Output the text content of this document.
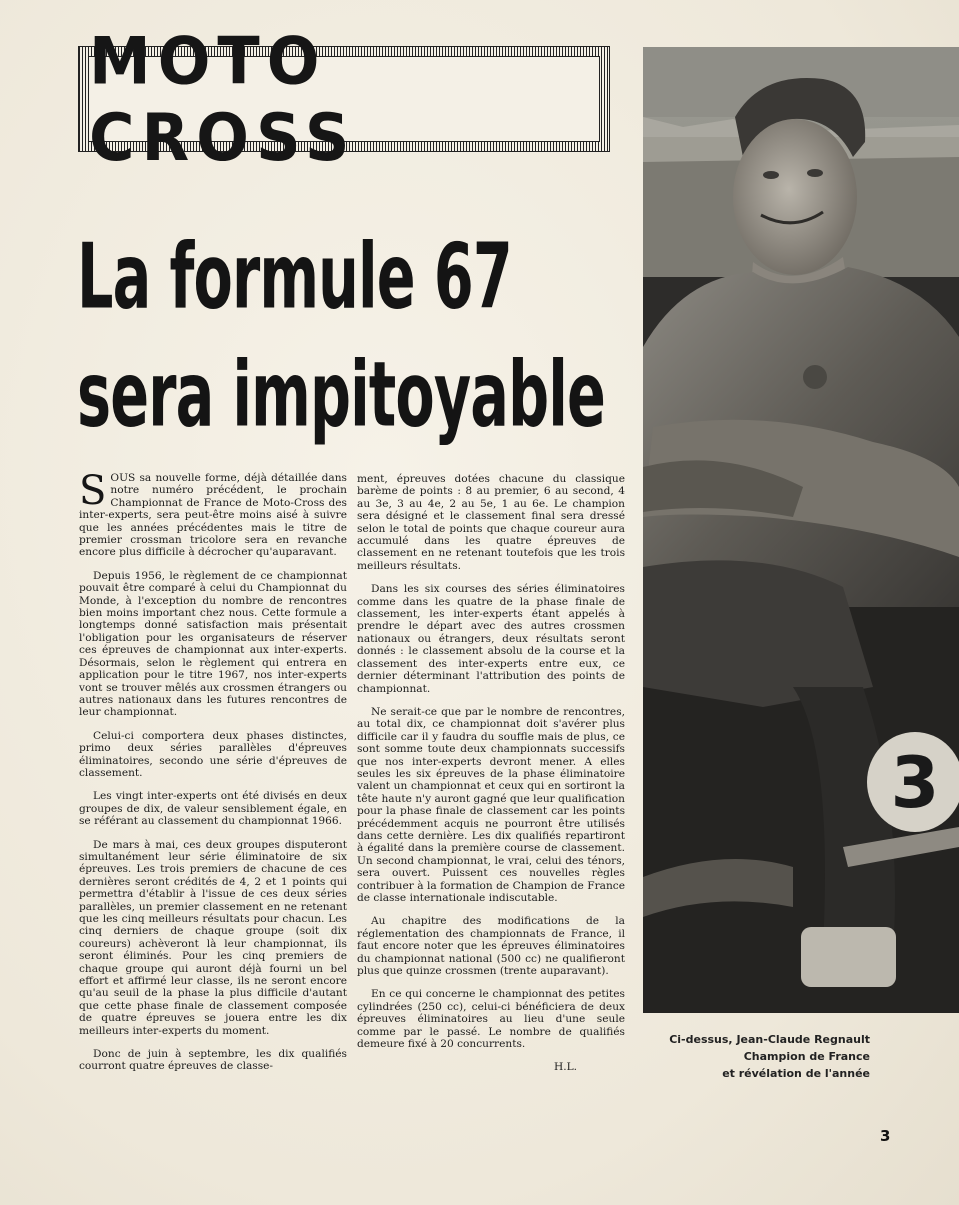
MOTO CROSS
La formule 67
sera impitoyable

SOUS sa nouvelle forme, déjà détaillée dans notre numéro précédent, le prochain Championnat de France de Moto-Cross des inter-experts, sera peut-être moins aisé à suivre que les années précédentes mais le titre de premier crossman tricolore sera en revanche encore plus difficile à décrocher qu'auparavant.

Depuis 1956, le règlement de ce championnat pouvait être comparé à celui du Championnat du Monde, à l'exception du nombre de rencontres bien moins important chez nous. Cette formule a longtemps donné satisfaction mais présentait l'obligation pour les organisateurs de réserver ces épreuves de championnat aux inter-experts. Désormais, selon le règlement qui entrera en application pour le titre 1967, nos inter-experts vont se trouver mêlés aux crossmen étrangers ou autres nationaux dans les futures rencontres de leur championnat.

Celui-ci comportera deux phases distinctes, primo deux séries parallèles d'épreuves éliminatoires, secondo une série d'épreuves de classement.

Les vingt inter-experts ont été divisés en deux groupes de dix, de valeur sensiblement égale, en se référant au classement du championnat 1966.

De mars à mai, ces deux groupes disputeront simultanément leur série éliminatoire de six épreuves. Les trois premiers de chacune de ces dernières seront crédités de 4, 2 et 1 points qui permettra d'établir à l'issue de ces deux séries parallèles, un premier classement en ne retenant que les cinq meilleurs résultats pour chacun. Les cinq derniers de chaque groupe (soit dix coureurs) achèveront là leur championnat, ils seront éliminés. Pour les cinq premiers de chaque groupe qui auront déjà fourni un bel effort et affirmé leur classe, ils ne seront encore qu'au seuil de la phase la plus difficile d'autant que cette phase finale de classement composée de quatre épreuves se jouera entre les dix meilleurs inter-experts du moment.

Donc de juin à septembre, les dix qualifiés courront quatre épreuves de classe-

ment, épreuves dotées chacune du classique barème de points : 8 au premier, 6 au second, 4 au 3e, 3 au 4e, 2 au 5e, 1 au 6e. Le champion sera désigné et le classement final sera dressé selon le total de points que chaque coureur aura accumulé dans les quatre épreuves de classement en ne retenant toutefois que les trois meilleurs résultats.

Dans les six courses des séries éliminatoires comme dans les quatre de la phase finale de classement, les inter-experts étant appelés à prendre le départ avec des autres crossmen nationaux ou étrangers, deux résultats seront donnés : le classement absolu de la course et la classement des inter-experts entre eux, ce dernier déterminant l'attribution des points de championnat.

Ne serait-ce que par le nombre de rencontres, au total dix, ce championnat doit s'avérer plus difficile car il y faudra du souffle mais de plus, ce sont somme toute deux championnats successifs que nos inter-experts devront mener. A elles seules les six épreuves de la phase éliminatoire valent un championnat et ceux qui en sortiront la tête haute n'y auront gagné que leur qualification pour la phase finale de classement car les points précédemment acquis ne pourront être utilisés dans cette dernière. Les dix qualifiés repartiront à égalité dans la première course de classement. Un second championnat, le vrai, celui des ténors, sera ouvert. Puissent ces nouvelles règles contribuer à la formation de Champion de France de classe internationale indiscutable.

Au chapitre des modifications de la réglementation des championnats de France, il faut encore noter que les épreuves éliminatoires du championnat national (500 cc) ne qualifieront plus que quinze crossmen (trente auparavant).

En ce qui concerne le championnat des petites cylindrées (250 cc), celui-ci bénéficiera de deux épreuves éliminatoires au lieu d'une seule comme par le passé. Le nombre de qualifiés demeure fixé à 20 concurrents.

H.L.

3
Ci-dessus, Jean-Claude Regnault
Champion de France
et révélation de l'année
3
